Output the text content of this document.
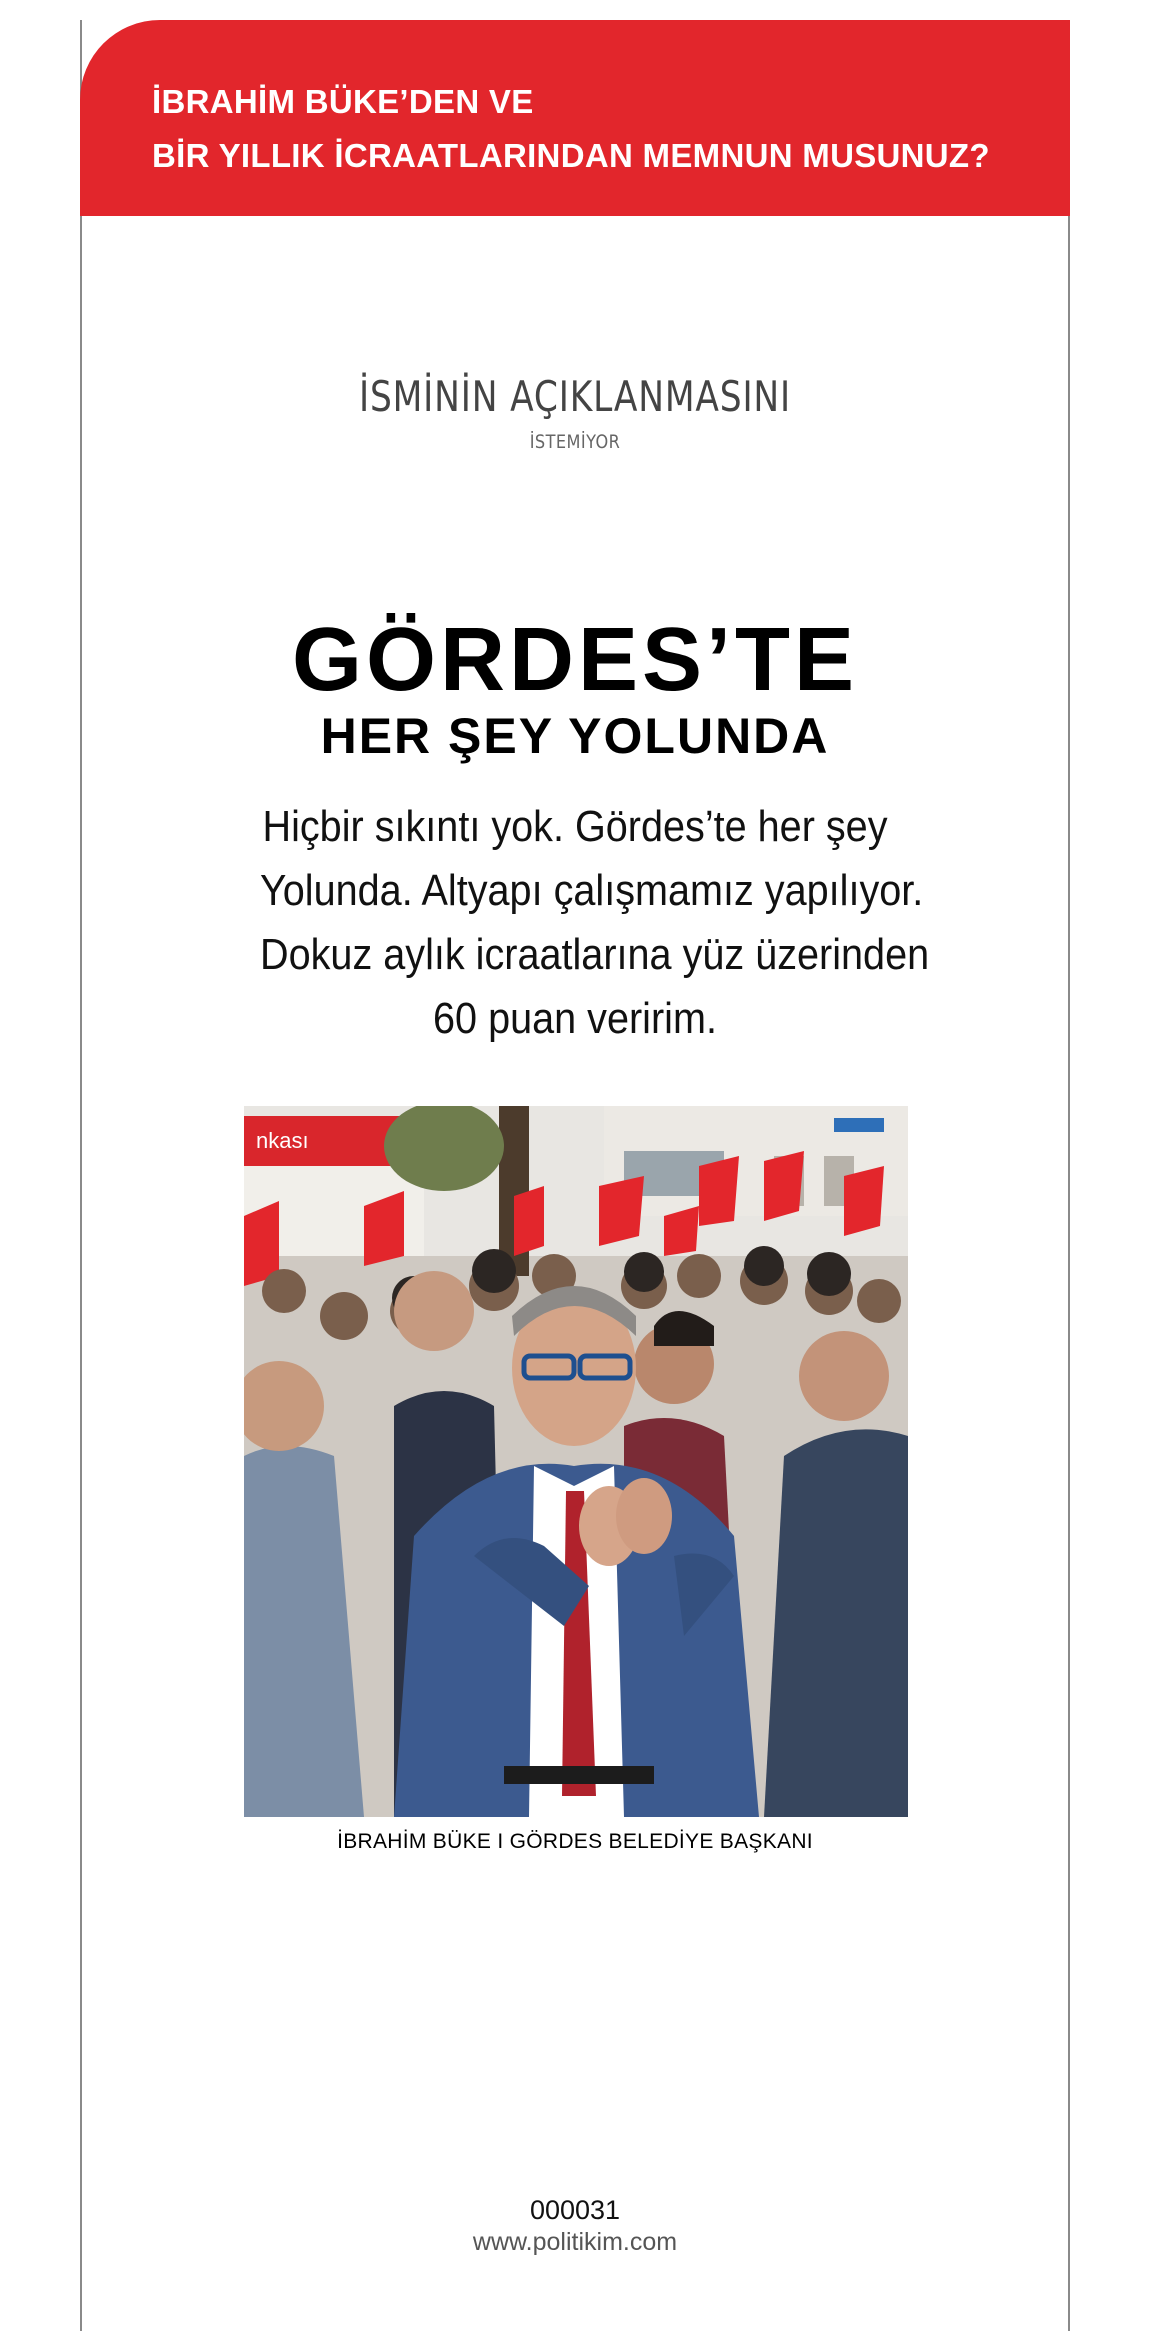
İBRAHİM BÜKE’DEN VE
BİR YILLIK İCRAATLARINDAN MEMNUN MUSUNUZ?
İSMİNİN AÇIKLANMASINI
İSTEMİYOR
GÖRDES’TE
HER ŞEY YOLUNDA

Hiçbir sıkıntı yok. Gördes’te her şey

Yolunda. Altyapı çalışmamız yapılıyor.

Dokuz aylık icraatlarına yüz üzerinden

60 puan veririm.

nkası
İBRAHİM BÜKE I GÖRDES BELEDİYE BAŞKANI
000031
www.politikim.com
